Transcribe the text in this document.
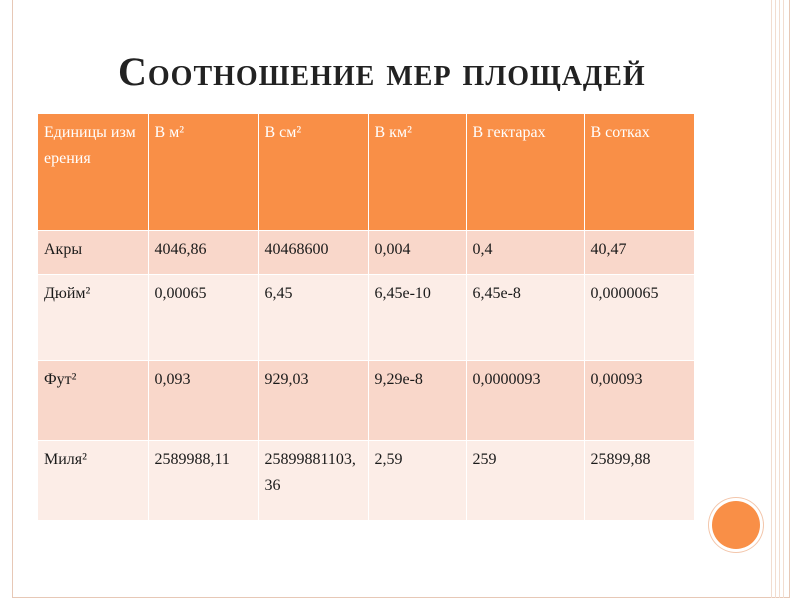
Соотношение мер площадей
Единицы измерения	В м²	В см²	В км²	В гектарах	В сотках
Акры	4046,86	40468600	0,004	0,4	40,47
Дюйм²	0,00065	6,45	6,45e-10	6,45e-8	0,0000065
Фут²	0,093	929,03	9,29e-8	0,0000093	0,00093
Миля²	2589988,11	25899881103,36	2,59	259	25899,88
